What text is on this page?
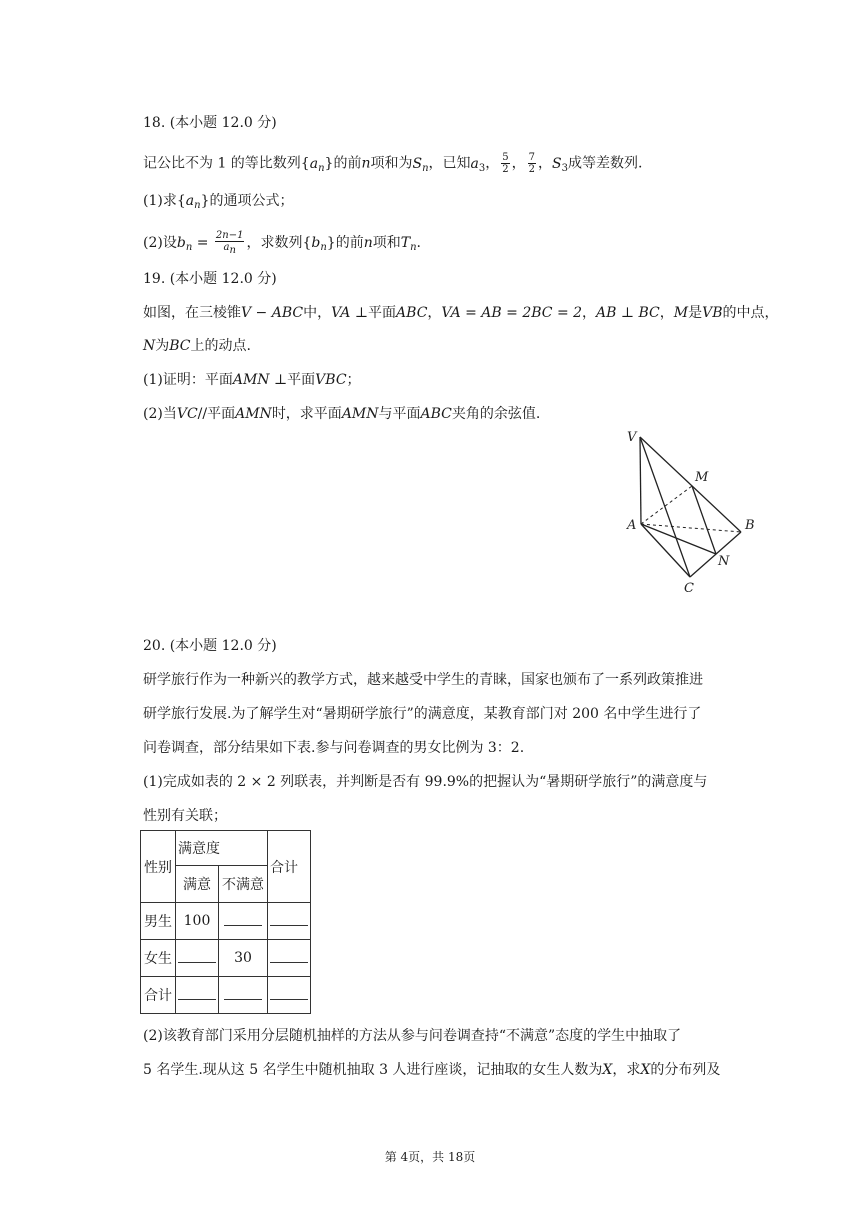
18. (本小题 12.0 分)
记公比不为 1 的等比数列$\{a_n\}$的前n项和为$S_n$，已知$a_3$， $\frac{5}{2}$ ， $\frac{7}{2}$ ，$S_3$成等差数列.
(1)求$\{a_n\}$的通项公式；
(2)设$b_n = \frac{2n-1}{a_n}$ ，求数列$\{b_n\}$的前n项和$T_n$.
19. (本小题 12.0 分)
如图，在三棱锥V − ABC中，VA ⊥平面ABC，VA = AB = 2BC = 2，AB ⊥ BC，M是VB的中点，
N为BC上的动点.
(1)证明：平面AMN ⊥平面VBC；
(2)当VC//平面AMN时，求平面AMN与平面ABC夹角的余弦值.
V
M
A	B
N
C
20. (本小题 12.0 分)
研学旅行作为一种新兴的教学方式，越来越受中学生的青睐，国家也颁布了一系列政策推进
研学旅行发展.为了解学生对“暑期研学旅行”的满意度，某教育部门对 200 名中学生进行了
问卷调查，部分结果如下表.参与问卷调查的男女比例为 3：2.
(1)完成如表的 2 × 2 列联表，并判断是否有 99.9%的把握认为“暑期研学旅行”的满意度与
性别有关联；
性别	满意度		合计
	满意	不满意	
男生	100		
女生		30	
合计			
(2)该教育部门采用分层随机抽样的方法从参与问卷调查持“不满意”态度的学生中抽取了
5 名学生.现从这 5 名学生中随机抽取 3 人进行座谈，记抽取的女生人数为X，求X的分布列及
第 4页，共 18页
